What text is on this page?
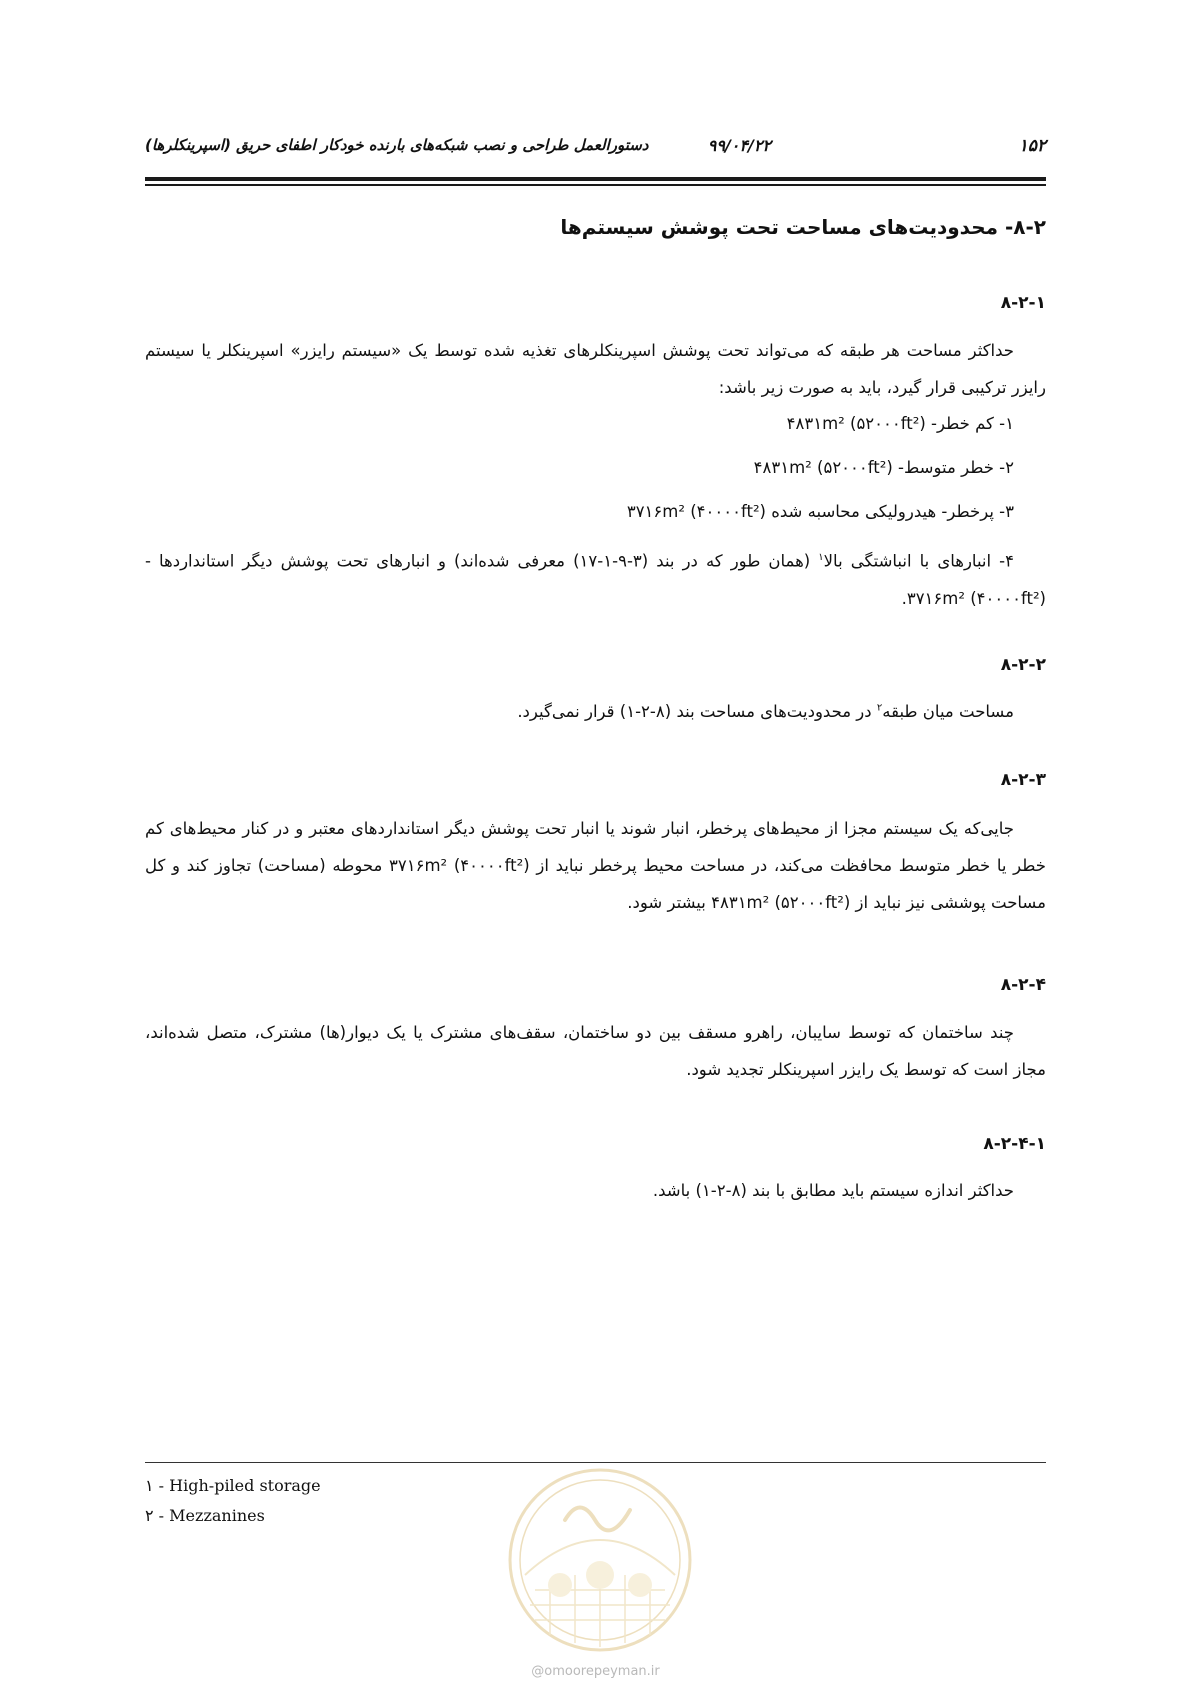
۱۵۲
۹۹/۰۴/۲۲
دستورالعمل طراحی و نصب شبکه‌های بارنده خودکار اطفای حریق (اسپرینکلرها)
۸-۲- محدودیت‌های مساحت تحت پوشش سیستم‌ها
۸-۲-۱
حداکثر مساحت هر طبقه که می‌تواند تحت پوشش اسپرینکلرهای تغذیه شده توسط یک «سیستم رایزر» اسپرینکلر یا سیستم رایزر ترکیبی قرار گیرد، باید به صورت زیر باشد:
۱- کم خطر- ۴۸۳۱m² (۵۲۰۰۰ft²)
۲- خطر متوسط- ۴۸۳۱m² (۵۲۰۰۰ft²)
۳- پرخطر- هیدرولیکی محاسبه شده ۳۷۱۶m² (۴۰۰۰۰ft²)
۴- انبارهای با انباشتگی بالا$^۱$ (همان طور که در بند (۳-۹-۱-۱۷) معرفی شده‌اند) و انبارهای تحت پوشش دیگر استانداردها - ۳۷۱۶m² (۴۰۰۰۰ft²).
۸-۲-۲
مساحت میان طبقه$^۲$ در محدودیت‌های مساحت بند (۸-۲-۱) قرار نمی‌گیرد.
۸-۲-۳
جایی‌که یک سیستم مجزا از محیط‌های پرخطر، انبار شوند یا انبار تحت پوشش دیگر استانداردهای معتبر و در کنار محیط‌های کم خطر یا خطر متوسط محافظت می‌کند، در مساحت محیط پرخطر نباید از ۳۷۱۶m² (۴۰۰۰۰ft²) محوطه (مساحت) تجاوز کند و کل مساحت پوششی نیز نباید از ۴۸۳۱m² (۵۲۰۰۰ft²) بیشتر شود.
۸-۲-۴
چند ساختمان که توسط سایبان، راهرو مسقف بین دو ساختمان، سقف‌های مشترک یا یک دیوار(ها) مشترک، متصل شده‌اند، مجاز است که توسط یک رایزر اسپرینکلر تجدید شود.
۸-۲-۴-۱
حداکثر اندازه سیستم باید مطابق با بند (۸-۲-۱) باشد.
۱ - High-piled storage
۲ - Mezzanines
@omoorepeyman.ir
